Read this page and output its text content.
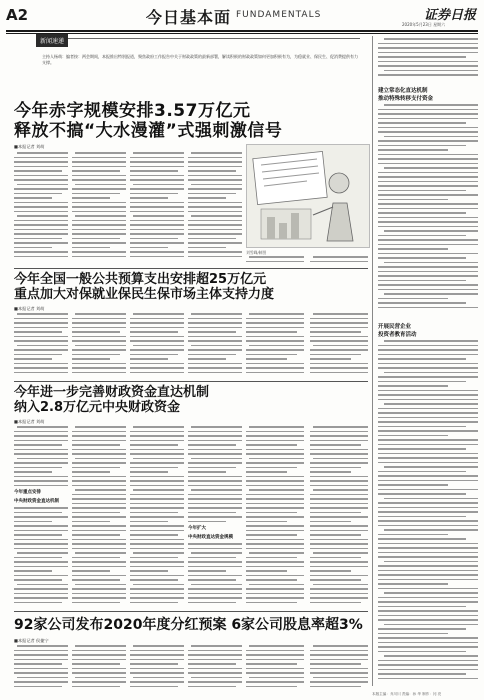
A2	今日基本面 FUNDAMENTALS	证券日报
2020年5月23日 星期六
新闻速递
主持人杨萌：编者按：两会期间，本报推出特别报道，聚焦政府工作报告中关于财政政策的最新部署，解读积极的财政政策如何更加积极有为，为稳就业、保民生、促消费提供有力支撑。
今年赤字规模安排3.57万亿元
释放不搞“大水漫灌”式强刺激信号
■本报记者 刘萌
刘雪峰/制图
今年全国一般公共预算支出安排超25万亿元
重点加大对保就业保民生保市场主体支持力度
■本报记者 刘萌
今年进一步完善财政资金直达机制
纳入2.8万亿元中央财政资金
■本报记者 刘萌
今年重点安排
中央财政资金直达机制
今年扩大
中央财政直达资金规模
92家公司发布2020年度分红预案 6家公司股息率超3%
■本报记者 侯捷宁
建立常态化直达机制
推动特殊转移支付资金
开展民营企业
投资者教育活动
本版主编：乔川川 责编：孙 华 制作：闫 亮
